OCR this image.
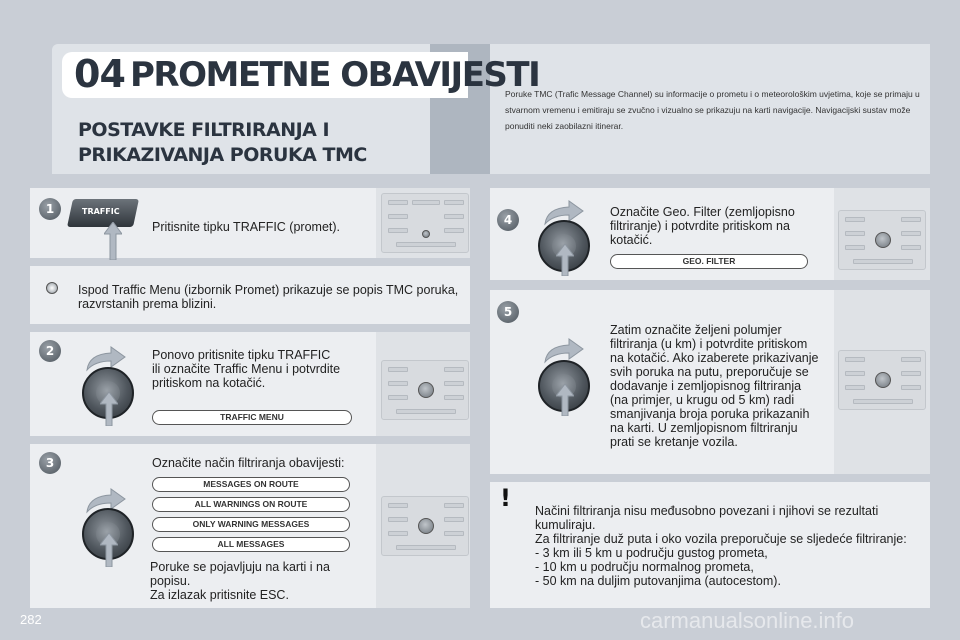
04 PROMETNE OBAVIJESTI
POSTAVKE FILTRIRANJA I
PRIKAZIVANJA PORUKA TMC
Poruke TMC (Trafic Message Channel) su informacije o prometu i o meteorološkim uvjetima, koje se primaju u stvarnom vremenu i emitiraju se zvučno i vizualno se prikazuju na karti navigacije. Navigacijski sustav može ponuditi neki zaobilazni itinerar.
1	TRAFFIC
Pritisnite tipku TRAFFIC (promet).
Ispod Traffic Menu (izbornik Promet) prikazuje se popis TMC poruka, razvrstanih prema blizini.
2	Ponovo pritisnite tipku TRAFFIC
ili označite Traffic Menu i potvrdite
pritiskom na kotačić.
TRAFFIC MENU
3	Označite način filtriranja obavijesti:
MESSAGES ON ROUTE
ALL WARNINGS ON ROUTE
ONLY WARNING MESSAGES
ALL MESSAGES
Poruke se pojavljuju na karti i na
popisu.
Za izlazak pritisnite ESC.
4
Označite Geo. Filter (zemljopisno
filtriranje) i potvrdite pritiskom na
kotačić.
GEO. FILTER
5
Zatim označite željeni polumjer
filtriranja (u km) i potvrdite pritiskom
na kotačić. Ako izaberete prikazivanje
svih poruka na putu, preporučuje se
dodavanje i zemljopisnog filtriranja
(na primjer, u krugu od 5 km) radi
smanjivanja broja poruka prikazanih
na karti. U zemljopisnom filtriranju
prati se kretanje vozila.
!	Načini filtriranja nisu međusobno povezani i njihovi se rezultati
kumuliraju.
Za filtriranje duž puta i oko vozila preporučuje se sljedeće filtriranje:
- 3 km ili 5 km u području gustog prometa,
- 10 km u području normalnog prometa,
- 50 km na duljim putovanjima (autocestom).
282	carmanualsonline.info
